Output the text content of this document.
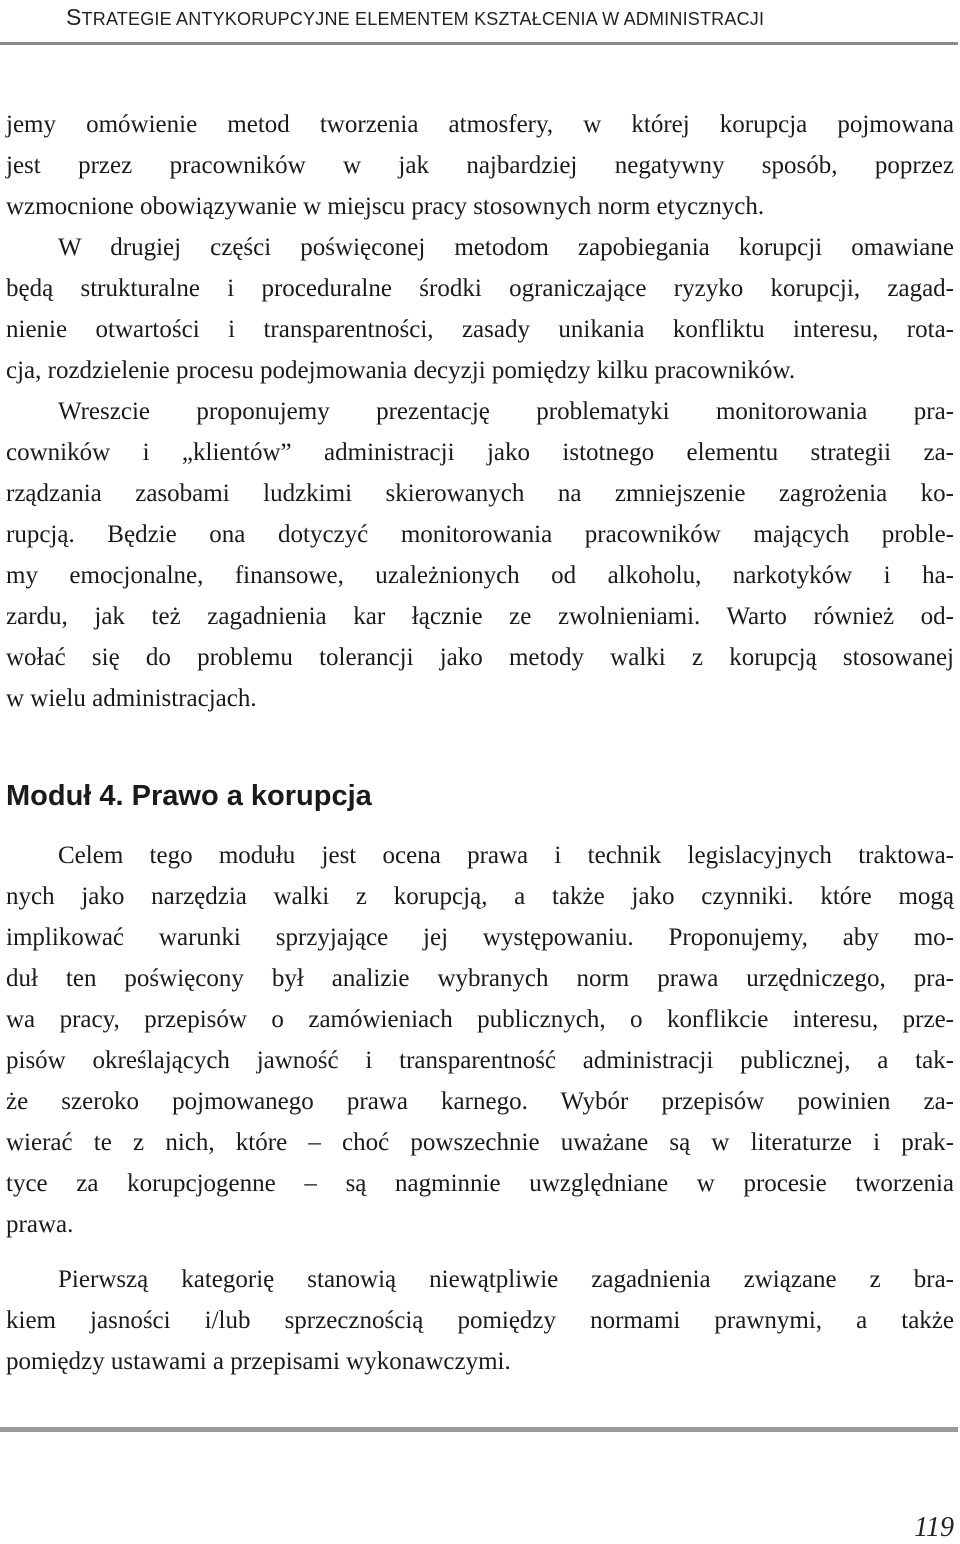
STRATEGIE ANTYKORUPCYJNE ELEMENTEM KSZTAŁCENIA W ADMINISTRACJI

jemy omówienie metod tworzenia atmosfery, w której korupcja pojmowana
jest przez pracowników w jak najbardziej negatywny sposób, poprzez
wzmocnione obowiązywanie w miejscu pracy stosownych norm etycznych.

W drugiej części poświęconej metodom zapobiegania korupcji omawiane
będą strukturalne i proceduralne środki ograniczające ryzyko korupcji, zagad-
nienie otwartości i transparentności, zasady unikania konfliktu interesu, rota-
cja, rozdzielenie procesu podejmowania decyzji pomiędzy kilku pracowników.

Wreszcie proponujemy prezentację problematyki monitorowania pra-
cowników i „klientów” administracji jako istotnego elementu strategii za-
rządzania zasobami ludzkimi skierowanych na zmniejszenie zagrożenia ko-
rupcją. Będzie ona dotyczyć monitorowania pracowników mających proble-
my emocjonalne, finansowe, uzależnionych od alkoholu, narkotyków i ha-
zardu, jak też zagadnienia kar łącznie ze zwolnieniami. Warto również od-
wołać się do problemu tolerancji jako metody walki z korupcją stosowanej
w wielu administracjach.

Moduł 4. Prawo a korupcja

Celem tego modułu jest ocena prawa i technik legislacyjnych traktowa-
nych jako narzędzia walki z korupcją, a także jako czynniki. które mogą
implikować warunki sprzyjające jej występowaniu. Proponujemy, aby mo-
duł ten poświęcony był analizie wybranych norm prawa urzędniczego, pra-
wa pracy, przepisów o zamówieniach publicznych, o konflikcie interesu, prze-
pisów określających jawność i transparentność administracji publicznej, a tak-
że szeroko pojmowanego prawa karnego. Wybór przepisów powinien za-
wierać te z nich, które – choć powszechnie uważane są w literaturze i prak-
tyce za korupcjogenne – są nagminnie uwzględniane w procesie tworzenia
prawa.

Pierwszą kategorię stanowią niewątpliwie zagadnienia związane z bra-
kiem jasności i/lub sprzecznością pomiędzy normami prawnymi, a także
pomiędzy ustawami a przepisami wykonawczymi.

119
